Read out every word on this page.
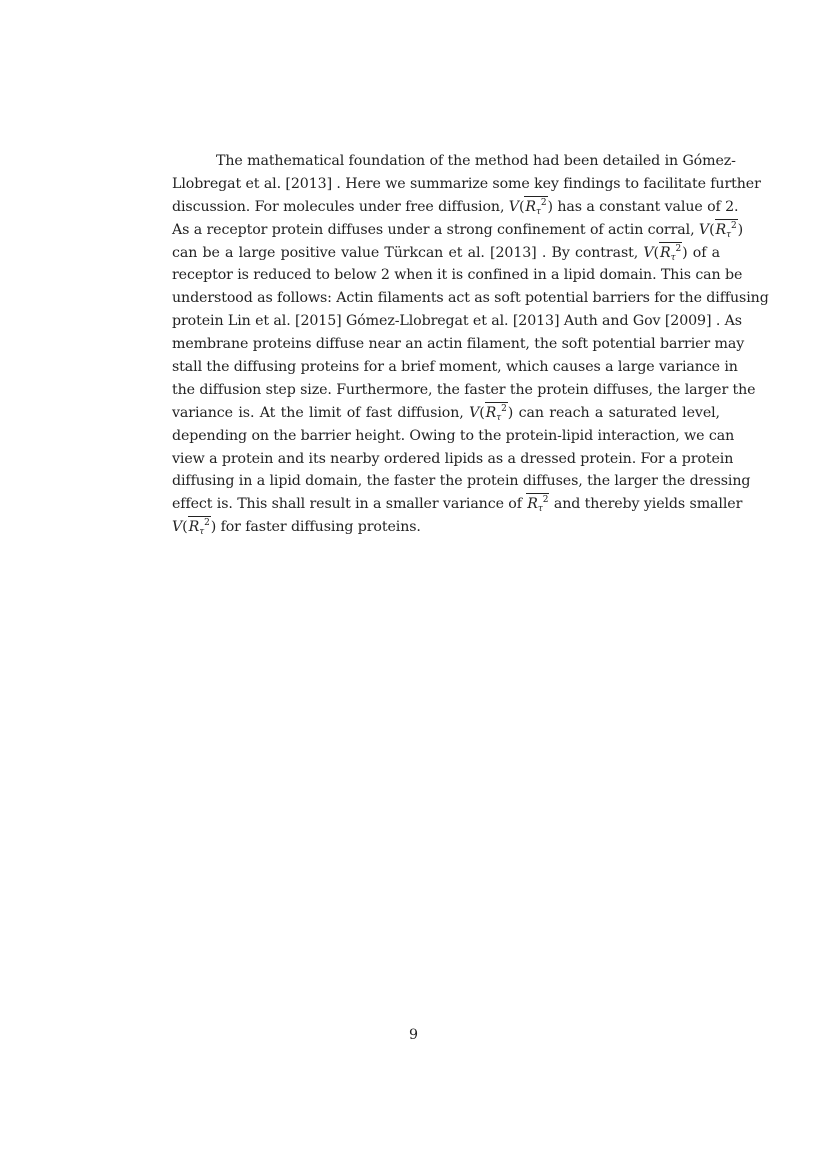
The mathematical foundation of the method had been detailed in Gómez-
Llobregat et al. [2013] . Here we summarize some key findings to facilitate further
discussion. For molecules under free diffusion, $V(R_\tau^2)$ has a constant value of 2.
As a receptor protein diffuses under a strong confinement of actin corral, $V(R_\tau^2)$
can be a large positive value Türkcan et al. [2013] . By contrast, $V(R_\tau^2)$ of a
receptor is reduced to below 2 when it is confined in a lipid domain. This can be
understood as follows: Actin filaments act as soft potential barriers for the diffusing
protein Lin et al. [2015] Gómez-Llobregat et al. [2013] Auth and Gov [2009] . As
membrane proteins diffuse near an actin filament, the soft potential barrier may
stall the diffusing proteins for a brief moment, which causes a large variance in
the diffusion step size. Furthermore, the faster the protein diffuses, the larger the
variance is. At the limit of fast diffusion, $V(R_\tau^2)$ can reach a saturated level,
depending on the barrier height. Owing to the protein-lipid interaction, we can
view a protein and its nearby ordered lipids as a dressed protein. For a protein
diffusing in a lipid domain, the faster the protein diffuses, the larger the dressing
effect is. This shall result in a smaller variance of $R_\tau^2$ and thereby yields smaller
$V(R_\tau^2)$ for faster diffusing proteins.
9
